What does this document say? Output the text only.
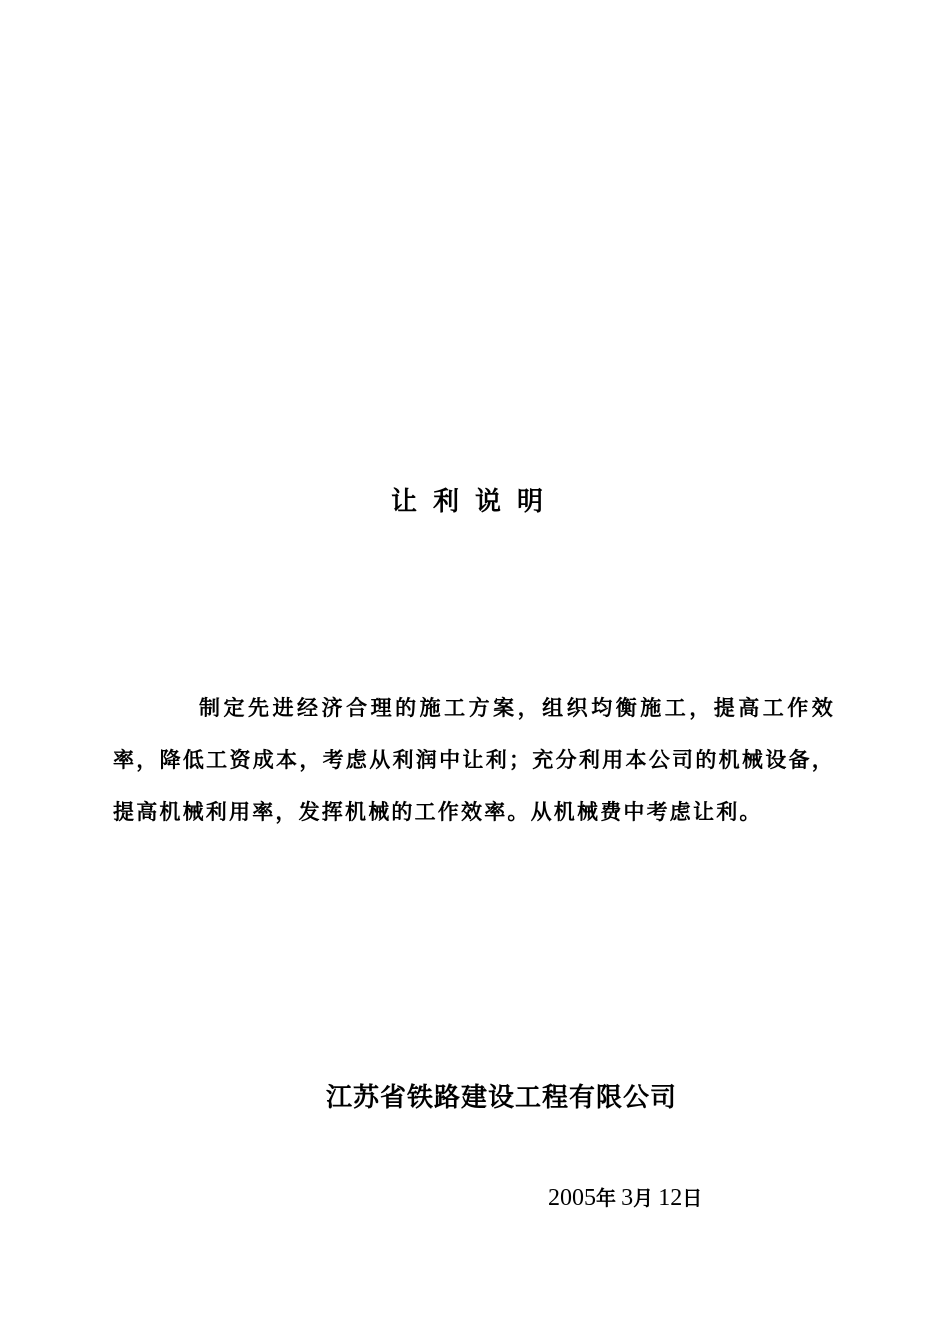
让利说明

制定先进经济合理的施工方案，组织均衡施工，提高工作效率，降低工资成本，考虑从利润中让利；充分利用本公司的机械设备，提高机械利用率，发挥机械的工作效率。从机械费中考虑让利。

江苏省铁路建设工程有限公司
2005年 3月 12日
